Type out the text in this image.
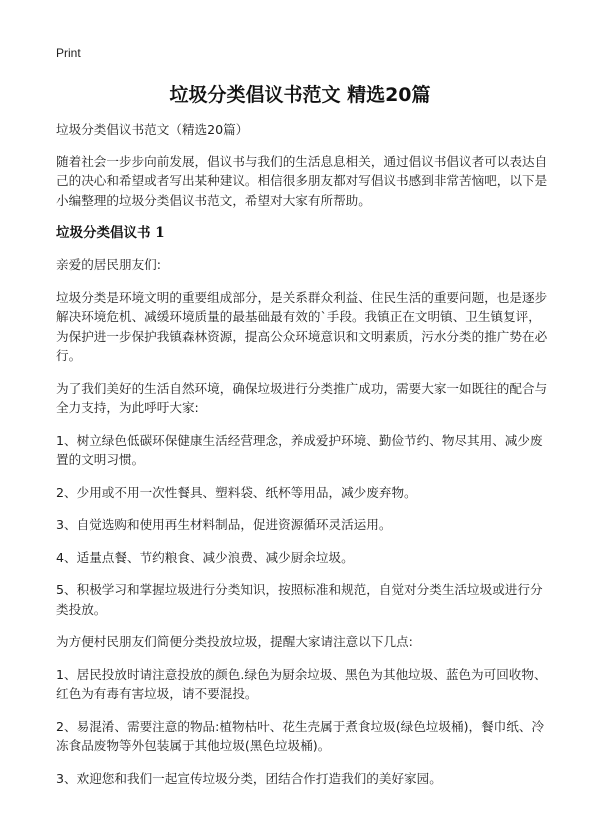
Print
垃圾分类倡议书范文 精选20篇

垃圾分类倡议书范文（精选20篇）

随着社会一步步向前发展，倡议书与我们的生活息息相关，通过倡议书倡议者可以表达自己的决心和希望或者写出某种建议。相信很多朋友都对写倡议书感到非常苦恼吧，以下是小编整理的垃圾分类倡议书范文，希望对大家有所帮助。

垃圾分类倡议书 1

亲爱的居民朋友们:

垃圾分类是环境文明的重要组成部分，是关系群众利益、住民生活的重要问题，也是逐步解决环境危机、减缓环境质量的最基础最有效的`手段。我镇正在文明镇、卫生镇复评，为保护进一步保护我镇森林资源，提高公众环境意识和文明素质，污水分类的推广势在必行。

为了我们美好的生活自然环境，确保垃圾进行分类推广成功，需要大家一如既往的配合与全力支持，为此呼吁大家:

1、树立绿色低碳环保健康生活经营理念，养成爱护环境、勤俭节约、物尽其用、减少废置的文明习惯。

2、少用或不用一次性餐具、塑料袋、纸杯等用品，减少废弃物。

3、自觉选购和使用再生材料制品，促进资源循环灵活运用。

4、适量点餐、节约粮食、减少浪费、减少厨余垃圾。

5、积极学习和掌握垃圾进行分类知识，按照标准和规范，自觉对分类生活垃圾或进行分类投放。

为方便村民朋友们简便分类投放垃圾，提醒大家请注意以下几点:

1、居民投放时请注意投放的颜色.绿色为厨余垃圾、黑色为其他垃圾、蓝色为可回收物、红色为有毒有害垃圾，请不要混投。

2、易混淆、需要注意的物品:植物枯叶、花生壳属于煮食垃圾(绿色垃圾桶)，餐巾纸、冷冻食品废物等外包装属于其他垃圾(黑色垃圾桶)。

3、欢迎您和我们一起宣传垃圾分类，团结合作打造我们的美好家园。
